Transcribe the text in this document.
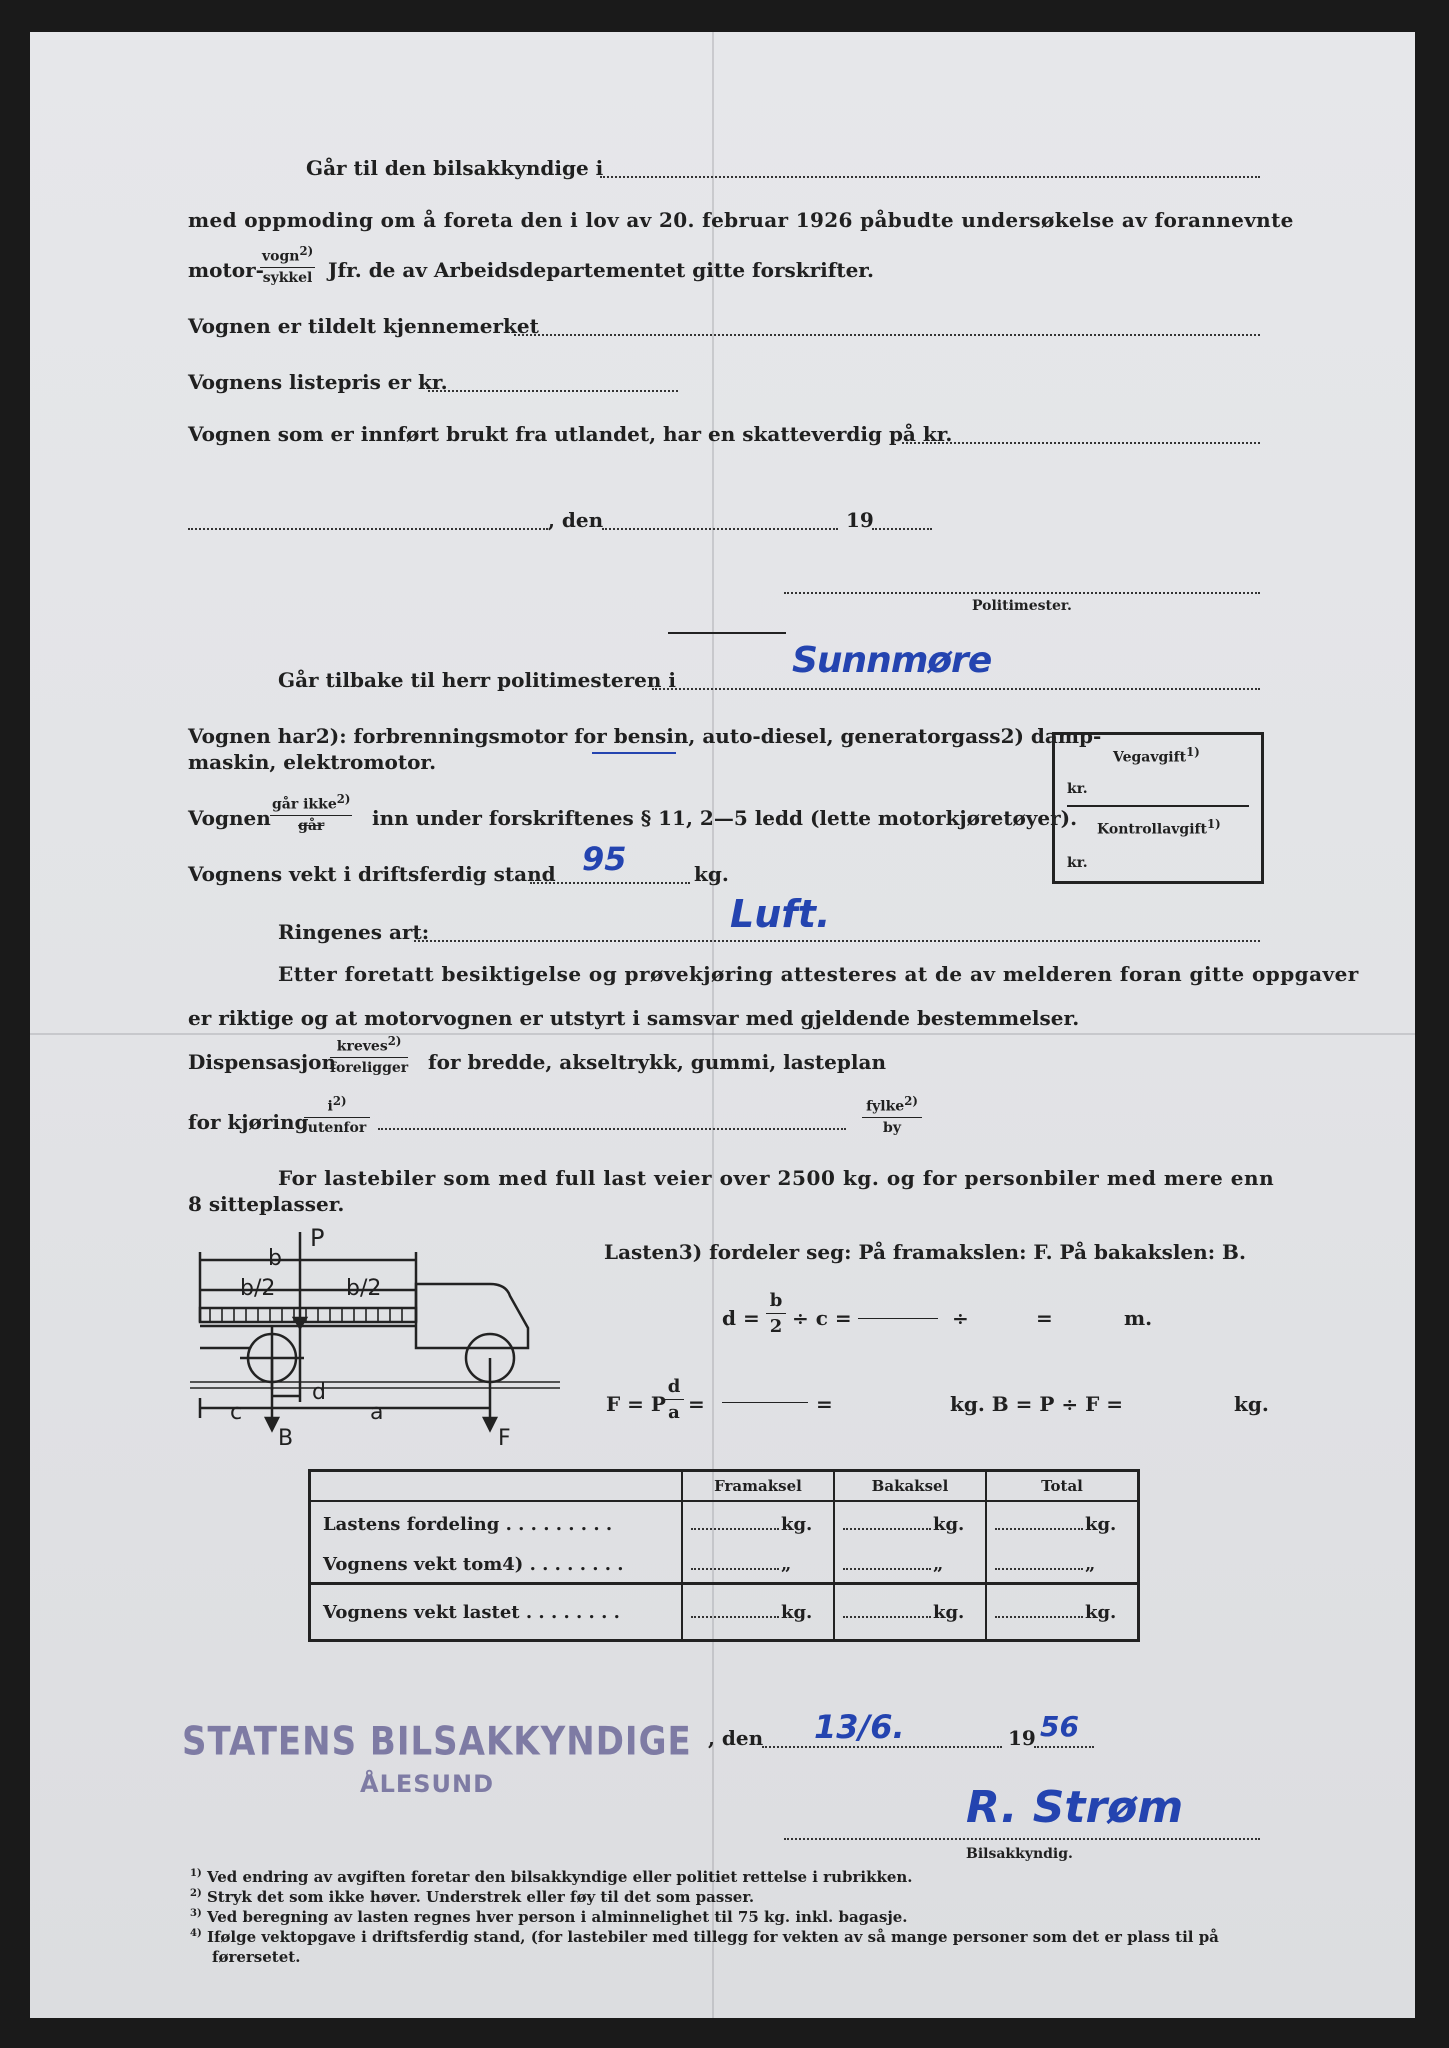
Går til den bilsakkyndige i
med oppmoding om å foreta den i lov av 20. februar 1926 påbudte undersøkelse av forannevnte
motor-
vogn$^{2)}$
sykkel Jfr. de av Arbeidsdepartementet gitte forskrifter.
Vognen er tildelt kjennemerket
Vognens listepris er kr.
Vognen som er innført brukt fra utlandet, har en skatteverdig på kr.
, den	19
Politimester.
Går tilbake til herr politimesteren i	Sunnmøre
Vognen har2): forbrenningsmotor for bensin, auto-diesel, generatorgass2) damp-
maskin, elektromotor.
Vognen
går ikke$^{2)}$
går	inn under forskriftenes § 11, 2—5 ledd (lette motorkjøretøyer).
Vognens vekt i driftsferdig stand 95	kg.
Vegavgift$^{1)}$
kr.
Kontrollavgift$^{1)}$
kr.
Ringenes art:	Luft.
Etter foretatt besiktigelse og prøvekjøring attesteres at de av melderen foran gitte oppgaver
er riktige og at motorvognen er utstyrt i samsvar med gjeldende bestemmelser.
Dispensasjon
kreves$^{2)}$
foreligger for bredde, akseltrykk, gummi, lasteplan
for kjøring
$i^{2)}$
utenfor
fylke$^{2)}$
by
For lastebiler som med full last veier over 2500 kg. og for personbiler med mere enn
8 sitteplasser.
P
b
b/2	b/2
c
d
a
B	F
Lasten3) fordeler seg: På framakslen: F. På bakakslen: B.
$d = \frac{b}{2} \div c$ =	÷	=	m.
F = P
$\frac{d}{a}$ =	=	kg. B = P ÷ F =	kg.
	Framaksel	Bakaksel	Total
Lastens fordeling . . . . . . . . .	kg.	kg.	kg.
Vognens vekt tom4) . . . . . . . .	„	„	„
Vognens vekt lastet . . . . . . . .	kg.	kg.	kg.
STATENS BILSAKKYNDIGE
ÅLESUND
, den 13/6.	19 56
R. Strøm
Bilsakkyndig.
$^{1)}$ Ved endring av avgiften foretar den bilsakkyndige eller politiet rettelse i rubrikken.
$^{2)}$ Stryk det som ikke høver. Understrek eller føy til det som passer.
$^{3)}$ Ved beregning av lasten regnes hver person i alminnelighet til 75 kg. inkl. bagasje.
$^{4)}$ Ifølge vektopgave i driftsferdig stand, (for lastebiler med tillegg for vekten av så mange personer som det er plass til på
førersetet.
